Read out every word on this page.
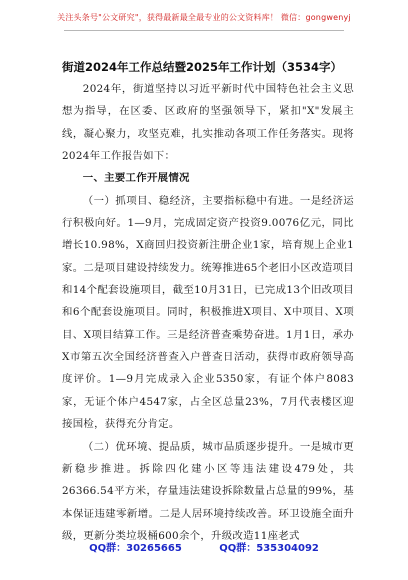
关注头条号"公文研究"，获得最新最全最专业的公文资料库！ 微信：gongwenyj
街道2024年工作总结暨2025年工作计划（3534字）

2024年，街道坚持以习近平新时代中国特色社会主义思想为指导，在区委、区政府的坚强领导下，紧扣"X"发展主线，凝心聚力，攻坚克难，扎实推动各项工作任务落实。现将2024年工作报告如下：

一、主要工作开展情况

（一）抓项目、稳经济，主要指标稳中有进。一是经济运行积极向好。1—9月，完成固定资产投资9.0076亿元，同比增长10.98%，X商回归投资新注册企业1家，培育规上企业1家。二是项目建设持续发力。统筹推进65个老旧小区改造项目和14个配套设施项目，截至10月31日，已完成13个旧改项目和6个配套设施项目。同时，积极推进X项目、X中项目、X项目、X项目结算工作。三是经济普查乘势奋进。1月1日，承办X市第五次全国经济普查入户普查日活动，获得市政府领导高度评价。1—9月完成录入企业5350家，有证个体户8083家，无证个体户4547家，占全区总量23%，7月代表楼区迎接国检，获得充分肯定。

（二）优环境、提品质，城市品质逐步提升。一是城市更新稳步推进。拆除四化建小区等违法建设479处，共26366.54平方米，存量违法建设拆除数量占总量的99%，基本保证违建零新增。二是人居环境持续改善。环卫设施全面升级，更新分类垃圾桶600余个，升级改造11座老式

QQ群：30265665	QQ群：535304092
